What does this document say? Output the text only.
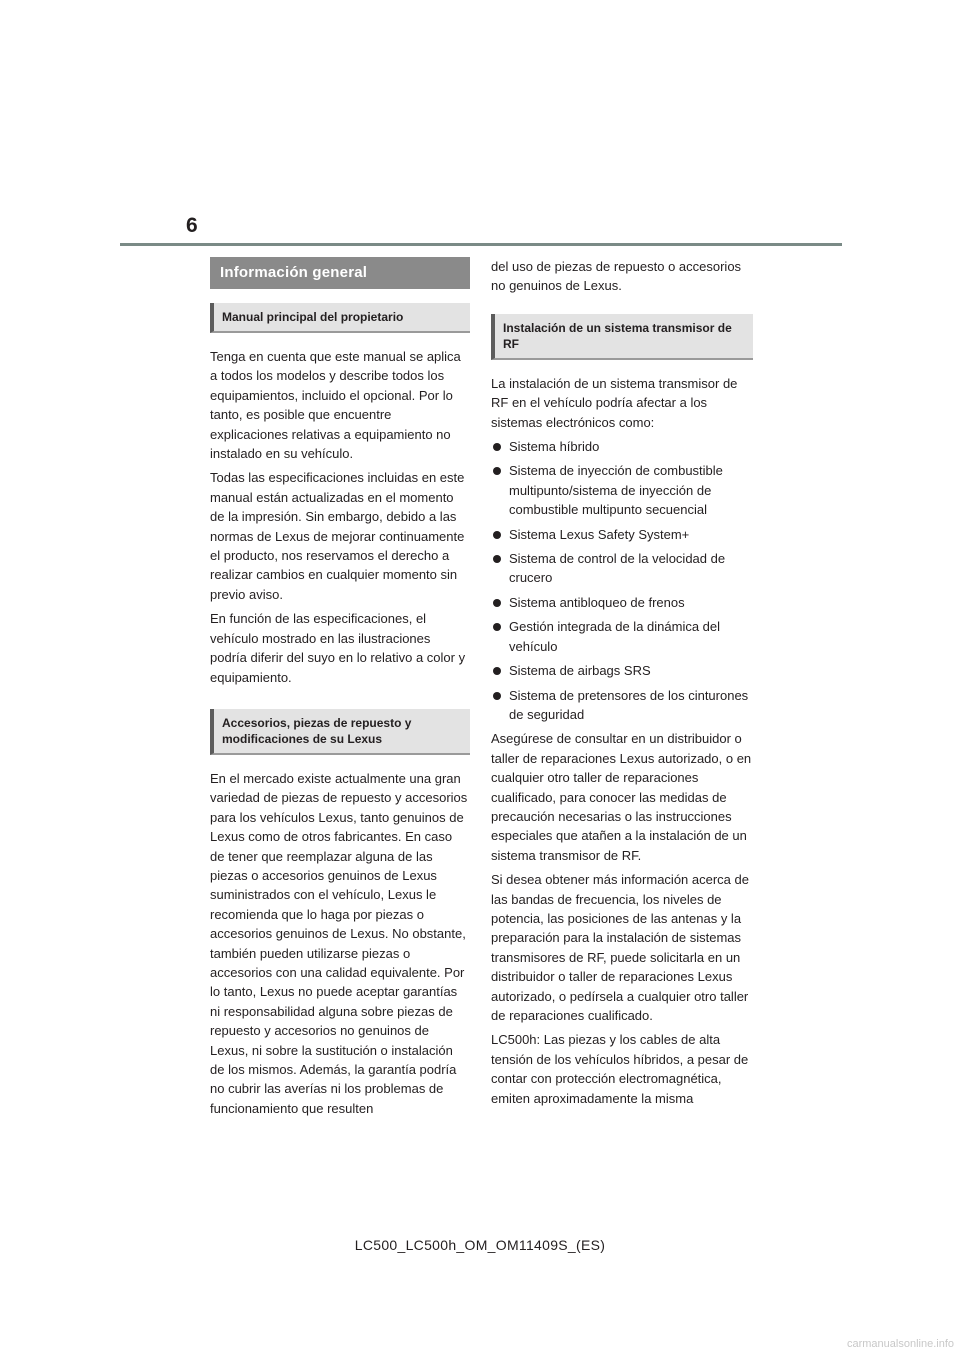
6
Información general
Manual principal del propietario

Tenga en cuenta que este manual se aplica a todos los modelos y describe todos los equipamientos, incluido el opcional. Por lo tanto, es posible que encuentre explicaciones relativas a equipamiento no instalado en su vehículo.

Todas las especificaciones incluidas en este manual están actualizadas en el momento de la impresión. Sin embargo, debido a las normas de Lexus de mejorar continuamente el producto, nos reservamos el derecho a realizar cambios en cualquier momento sin previo aviso.

En función de las especificaciones, el vehículo mostrado en las ilustraciones podría diferir del suyo en lo relativo a color y equipamiento.

Accesorios, piezas de repuesto y modificaciones de su Lexus

En el mercado existe actualmente una gran variedad de piezas de repuesto y accesorios para los vehículos Lexus, tanto genuinos de Lexus como de otros fabricantes. En caso de tener que reemplazar alguna de las piezas o accesorios genuinos de Lexus suministrados con el vehículo, Lexus le recomienda que lo haga por piezas o accesorios genuinos de Lexus. No obstante, también pueden utilizarse piezas o accesorios con una calidad equivalente. Por lo tanto, Lexus no puede aceptar garantías ni responsabilidad alguna sobre piezas de repuesto y accesorios no genuinos de Lexus, ni sobre la sustitución o instalación de los mismos. Además, la garantía podría no cubrir las averías ni los problemas de funcionamiento que resulten

del uso de piezas de repuesto o accesorios no genuinos de Lexus.

Instalación de un sistema transmisor de RF

La instalación de un sistema transmisor de RF en el vehículo podría afectar a los sistemas electrónicos como:

Sistema híbrido
Sistema de inyección de combustible multipunto/sistema de inyección de combustible multipunto secuencial
Sistema Lexus Safety System+
Sistema de control de la velocidad de crucero
Sistema antibloqueo de frenos
Gestión integrada de la dinámica del vehículo
Sistema de airbags SRS
Sistema de pretensores de los cinturones de seguridad

Asegúrese de consultar en un distribuidor o taller de reparaciones Lexus autorizado, o en cualquier otro taller de reparaciones cualificado, para conocer las medidas de precaución necesarias o las instrucciones especiales que atañen a la instalación de un sistema transmisor de RF.

Si desea obtener más información acerca de las bandas de frecuencia, los niveles de potencia, las posiciones de las antenas y la preparación para la instalación de sistemas transmisores de RF, puede solicitarla en un distribuidor o taller de reparaciones Lexus autorizado, o pedírsela a cualquier otro taller de reparaciones cualificado.

LC500h: Las piezas y los cables de alta tensión de los vehículos híbridos, a pesar de contar con protección electromagnética, emiten aproximadamente la misma

LC500_LC500h_OM_OM11409S_(ES)
carmanualsonline.info
